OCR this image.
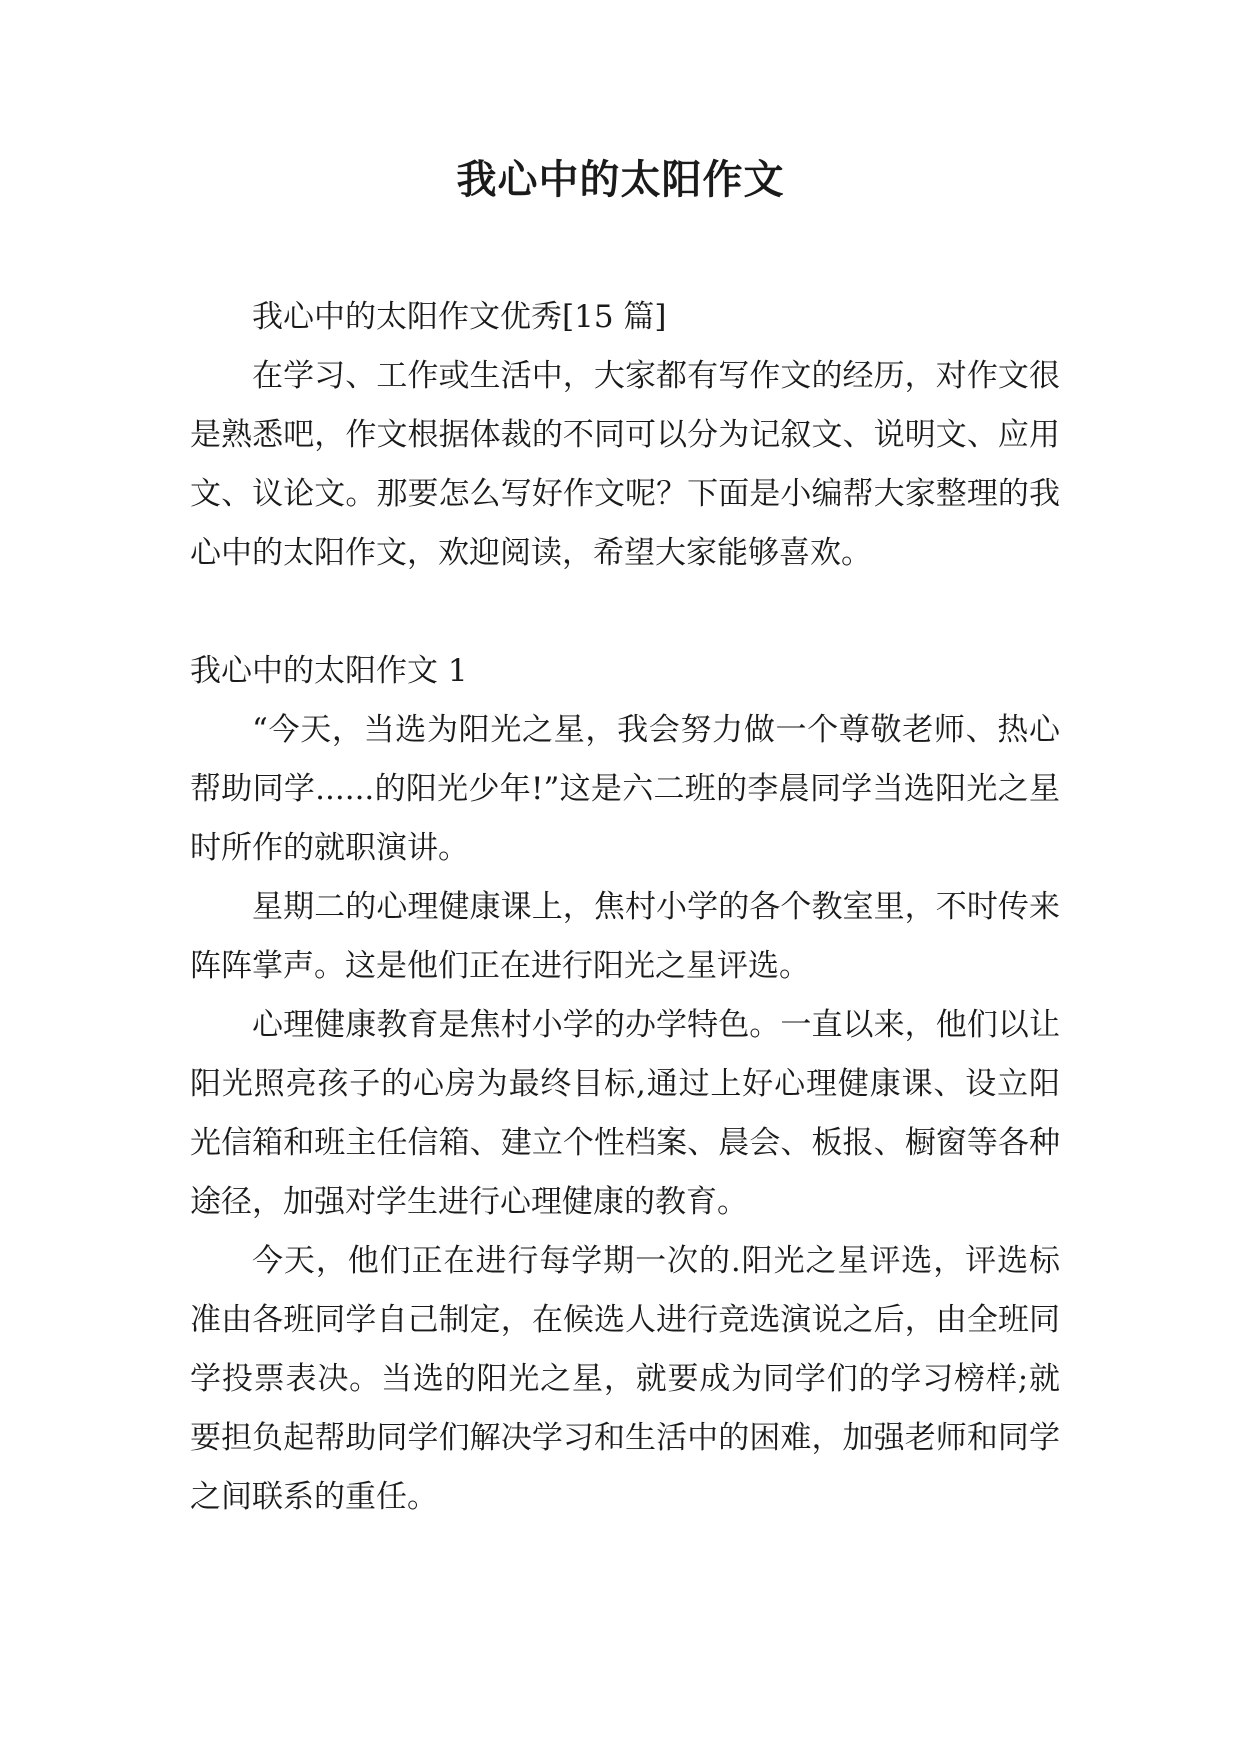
我心中的太阳作文

我心中的太阳作文优秀[15 篇]

在学习、工作或生活中，大家都有写作文的经历，对作文很是熟悉吧，作文根据体裁的不同可以分为记叙文、说明文、应用文、议论文。那要怎么写好作文呢？下面是小编帮大家整理的我心中的太阳作文，欢迎阅读，希望大家能够喜欢。

我心中的太阳作文 1

“今天，当选为阳光之星，我会努力做一个尊敬老师、热心帮助同学......的阳光少年!”这是六二班的李晨同学当选阳光之星时所作的就职演讲。

星期二的心理健康课上，焦村小学的各个教室里，不时传来阵阵掌声。这是他们正在进行阳光之星评选。

心理健康教育是焦村小学的办学特色。一直以来，他们以让阳光照亮孩子的心房为最终目标,通过上好心理健康课、设立阳光信箱和班主任信箱、建立个性档案、晨会、板报、橱窗等各种途径，加强对学生进行心理健康的教育。

今天，他们正在进行每学期一次的.阳光之星评选，评选标准由各班同学自己制定，在候选人进行竞选演说之后，由全班同学投票表决。当选的阳光之星，就要成为同学们的学习榜样;就要担负起帮助同学们解决学习和生活中的困难，加强老师和同学之间联系的重任。
